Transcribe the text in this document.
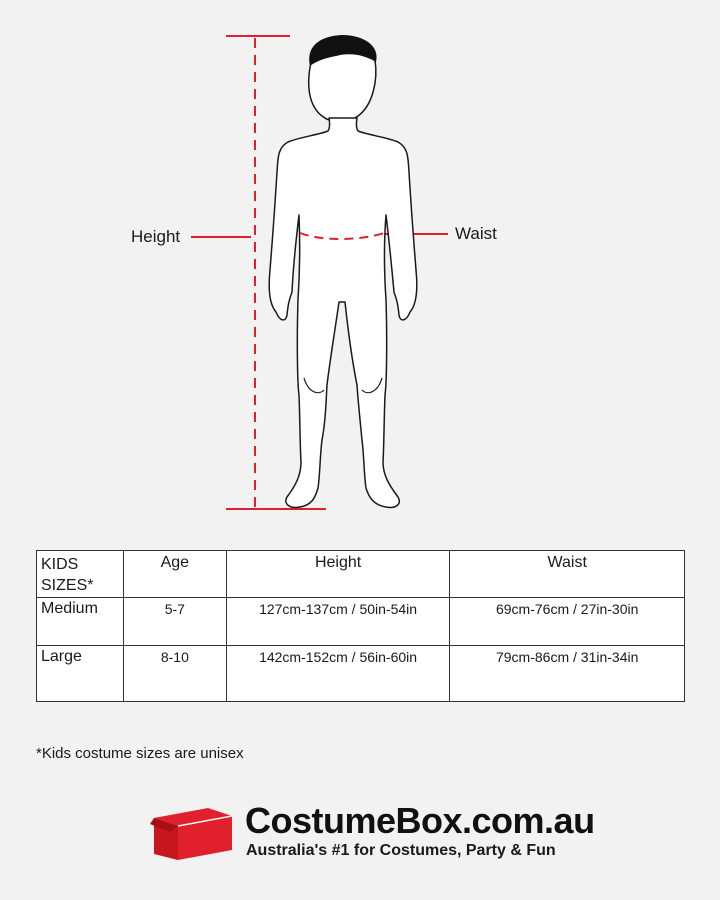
Height	Waist
KIDS SIZES*	Age	Height	Waist
Medium	5-7	127cm-137cm / 50in-54in	69cm-76cm / 27in-30in
Large	8-10	142cm-152cm / 56in-60in	79cm-86cm / 31in-34in
*Kids costume sizes are unisex
CostumeBox.com.au
Australia's #1 for Costumes, Party & Fun
